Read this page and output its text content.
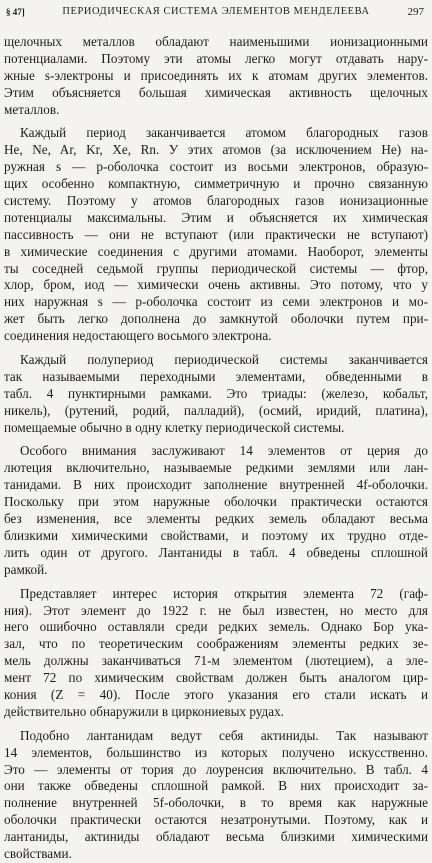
§ 47]	ПЕРИОДИЧЕСКАЯ СИСТЕМА ЭЛЕМЕНТОВ МЕНДЕЛЕЕВА	297
щелочных металлов обладают наименьшими ионизационными
потенциалами. Поэтому эти атомы легко могут отдавать нару-
жные s-электроны и присоединять их к атомам других элементов.
Этим объясняется большая химическая активность щелочных
металлов.
Каждый период заканчивается атомом благородных газов
He, Ne, Ar, Kr, Xe, Rn. У этих атомов (за исключением He) на-
ружная s — p-оболочка состоит из восьми электронов, образую-
щих особенно компактную, симметричную и прочно связанную
систему. Поэтому у атомов благородных газов ионизационные
потенциалы максимальны. Этим и объясняется их химическая
пассивность — они не вступают (или практически не вступают)
в химические соединения с другими атомами. Наоборот, элементы
ты соседней седьмой группы периодической системы — фтор,
хлор, бром, иод — химически очень активны. Это потому, что у
них наружная s — p-оболочка состоит из семи электронов и мо-
жет быть легко дополнена до замкнутой оболочки путем при-
соединения недостающего восьмого электрона.
Каждый полупериод периодической системы заканчивается
так называемыми переходными элементами, обведенными в
табл. 4 пунктирными рамками. Это триады: (железо, кобальт,
никель), (рутений, родий, палладий), (осмий, иридий, платина),
помещаемые обычно в одну клетку периодической системы.
Особого внимания заслуживают 14 элементов от церия до
лютеция включительно, называемые редкими землями или лан-
танидами. В них происходит заполнение внутренней 4f-оболочки.
Поскольку при этом наружные оболочки практически остаются
без изменения, все элементы редких земель обладают весьма
близкими химическими свойствами, и поэтому их трудно отде-
лить один от другого. Лантаниды в табл. 4 обведены сплошной
рамкой.
Представляет интерес история открытия элемента 72 (гаф-
ния). Этот элемент до 1922 г. не был известен, но место для
него ошибочно оставляли среди редких земель. Однако Бор ука-
зал, что по теоретическим соображениям элементы редких зе-
мель должны заканчиваться 71-м элементом (лютецием), а эле-
мент 72 по химическим свойствам должен быть аналогом цир-
кония (Z = 40). После этого указания его стали искать и
действительно обнаружили в циркониевых рудах.
Подобно лантанидам ведут себя актиниды. Так называют
14 элементов, большинство из которых получено искусственно.
Это — элементы от тория до лоуренсия включительно. В табл. 4
они также обведены сплошной рамкой. В них происходит за-
полнение внутренней 5f-оболочки, в то время как наружные
оболочки практически остаются незатронутыми. Поэтому, как и
лантаниды, актиниды обладают весьма близкими химическими
свойствами.
